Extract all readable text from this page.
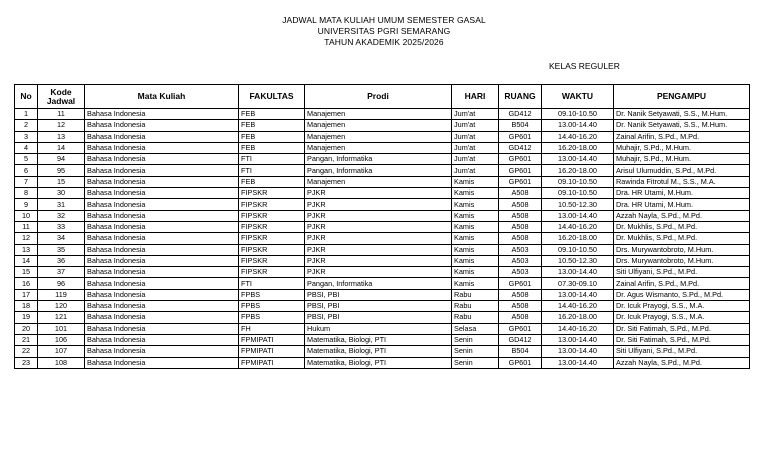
JADWAL MATA KULIAH UMUM SEMESTER GASAL
UNIVERSITAS PGRI SEMARANG
TAHUN AKADEMIK 2025/2026
KELAS REGULER
No	Kode Jadwal	Mata Kuliah	FAKULTAS	Prodi	HARI	RUANG	WAKTU	PENGAMPU
1	11	Bahasa Indonesia	FEB	Manajemen	Jum'at	GD412	09.10-10.50	Dr. Nanik Setyawati, S.S., M.Hum.
2	12	Bahasa Indonesia	FEB	Manajemen	Jum'at	B504	13.00-14.40	Dr. Nanik Setyawati, S.S., M.Hum.
3	13	Bahasa Indonesia	FEB	Manajemen	Jum'at	GP601	14.40-16.20	Zainal Arifin, S.Pd., M.Pd.
4	14	Bahasa Indonesia	FEB	Manajemen	Jum'at	GD412	16.20-18.00	Muhajir, S.Pd., M.Hum.
5	94	Bahasa Indonesia	FTI	Pangan, Informatika	Jum'at	GP601	13.00-14.40	Muhajir, S.Pd., M.Hum.
6	95	Bahasa Indonesia	FTI	Pangan, Informatika	Jum'at	GP601	16.20-18.00	Arisul Ulumuddin, S.Pd., M.Pd.
7	15	Bahasa Indonesia	FEB	Manajemen	Kamis	GP601	09.10-10.50	Rawinda Fitrotul M., S.S., M.A.
8	30	Bahasa Indonesia	FIPSKR	PJKR	Kamis	A508	09.10-10.50	Dra. HR Utami, M.Hum.
9	31	Bahasa Indonesia	FIPSKR	PJKR	Kamis	A508	10.50-12.30	Dra. HR Utami, M.Hum.
10	32	Bahasa Indonesia	FIPSKR	PJKR	Kamis	A508	13.00-14.40	Azzah Nayla, S.Pd., M.Pd.
11	33	Bahasa Indonesia	FIPSKR	PJKR	Kamis	A508	14.40-16.20	Dr. Mukhlis, S.Pd., M.Pd.
12	34	Bahasa Indonesia	FIPSKR	PJKR	Kamis	A508	16.20-18.00	Dr. Mukhlis, S.Pd., M.Pd.
13	35	Bahasa Indonesia	FIPSKR	PJKR	Kamis	A503	09.10-10.50	Drs. Murywantobroto, M.Hum.
14	36	Bahasa Indonesia	FIPSKR	PJKR	Kamis	A503	10.50-12.30	Drs. Murywantobroto, M.Hum.
15	37	Bahasa Indonesia	FIPSKR	PJKR	Kamis	A503	13.00-14.40	Siti Ulfiyani, S.Pd., M.Pd.
16	96	Bahasa Indonesia	FTI	Pangan, Informatika	Kamis	GP601	07.30-09.10	Zainal Arifin, S.Pd., M.Pd.
17	119	Bahasa Indonesia	FPBS	PBSI, PBI	Rabu	A508	13.00-14.40	Dr. Agus Wismanto, S.Pd., M.Pd.
18	120	Bahasa Indonesia	FPBS	PBSI, PBI	Rabu	A508	14.40-16.20	Dr. Icuk Prayogi, S.S., M.A.
19	121	Bahasa Indonesia	FPBS	PBSI, PBI	Rabu	A508	16.20-18.00	Dr. Icuk Prayogi, S.S., M.A.
20	101	Bahasa Indonesia	FH	Hukum	Selasa	GP601	14.40-16.20	Dr. Siti Fatimah, S.Pd., M.Pd.
21	106	Bahasa Indonesia	FPMIPATI	Matematika, Biologi, PTI	Senin	GD412	13.00-14.40	Dr. Siti Fatimah, S.Pd., M.Pd.
22	107	Bahasa Indonesia	FPMIPATI	Matematika, Biologi, PTI	Senin	B504	13.00-14.40	Siti Ulfiyani, S.Pd., M.Pd.
23	108	Bahasa Indonesia	FPMIPATI	Matematika, Biologi, PTI	Senin	GP601	13.00-14.40	Azzah Nayla, S.Pd., M.Pd.
